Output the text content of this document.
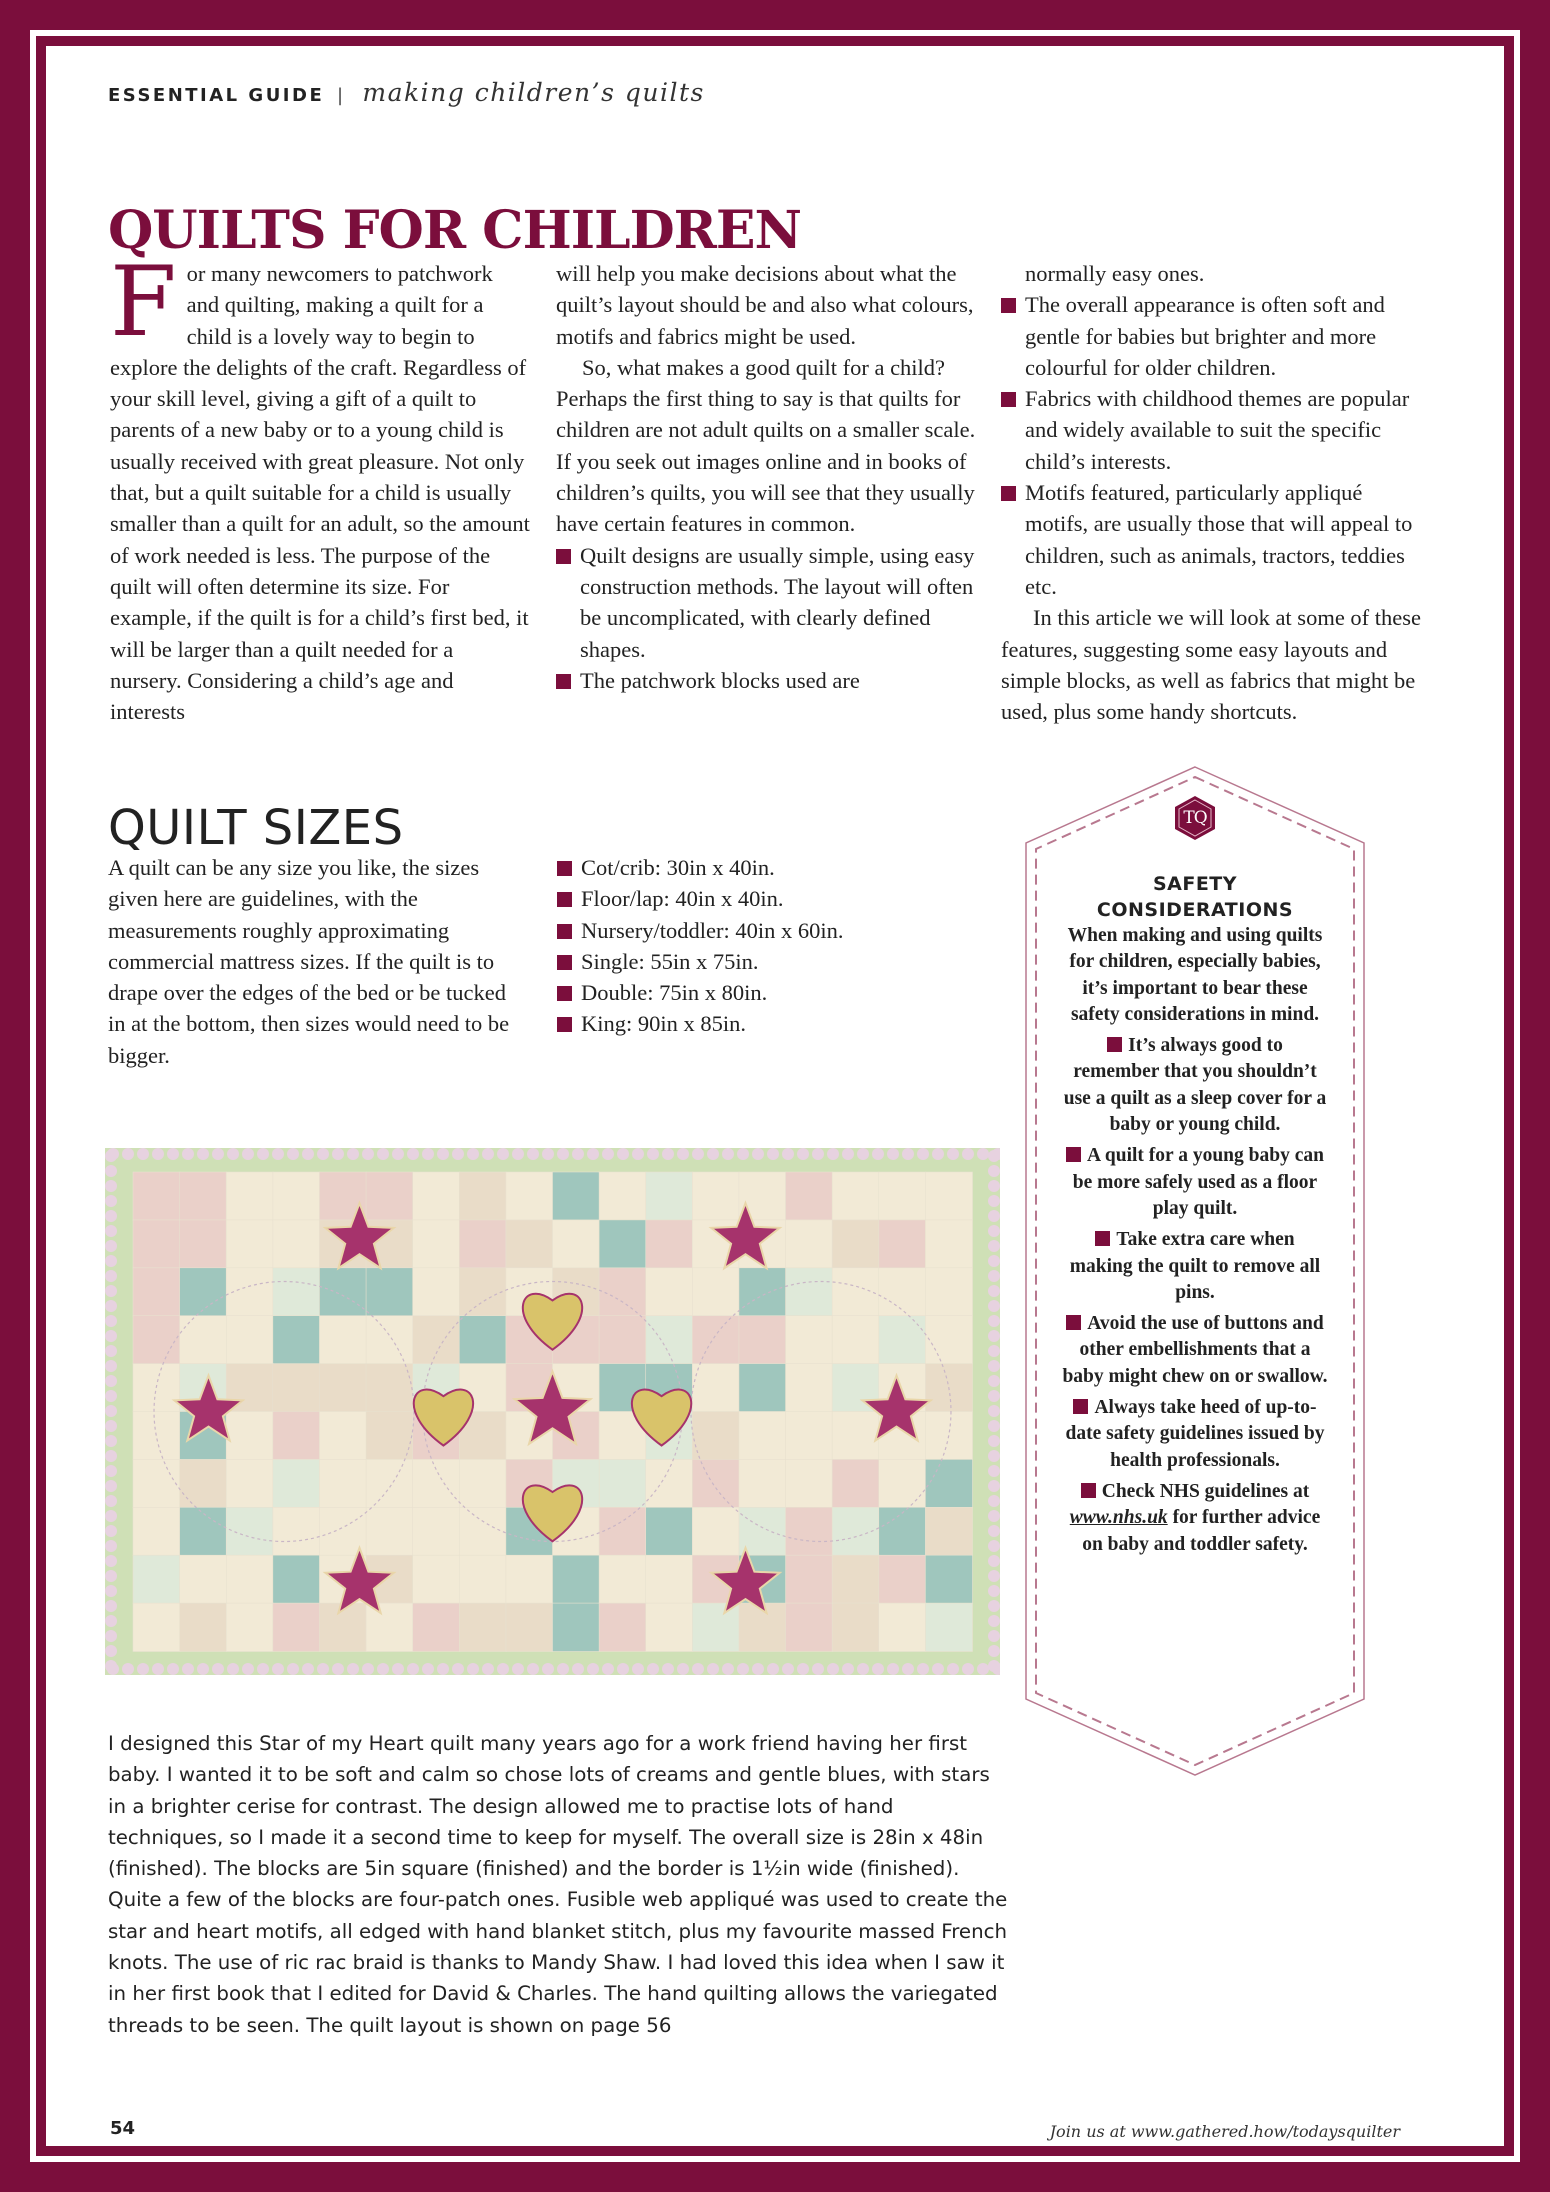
ESSENTIAL GUIDE | making children’s quilts
QUILTS FOR CHILDREN

For many newcomers to patchwork and quilting, making a quilt for a child is a lovely way to begin to explore the delights of the craft. Regardless of your skill level, giving a gift of a quilt to parents of a new baby or to a young child is usually received with great pleasure. Not only that, but a quilt suitable for a child is usually smaller than a quilt for an adult, so the amount of work needed is less. The purpose of the quilt will often determine its size. For example, if the quilt is for a child’s first bed, it will be larger than a quilt needed for a nursery. Considering a child’s age and interests

will help you make decisions about what the quilt’s layout should be and also what colours, motifs and fabrics might be used.

So, what makes a good quilt for a child? Perhaps the first thing to say is that quilts for children are not adult quilts on a smaller scale. If you seek out images online and in books of children’s quilts, you will see that they usually have certain features in common.

Quilt designs are usually simple, using easy construction methods. The layout will often be uncomplicated, with clearly defined shapes.

The patchwork blocks used are

normally easy ones.

The overall appearance is often soft and gentle for babies but brighter and more colourful for older children.

Fabrics with childhood themes are popular and widely available to suit the specific child’s interests.

Motifs featured, particularly appliqué motifs, are usually those that will appeal to children, such as animals, tractors, teddies etc.

In this article we will look at some of these features, suggesting some easy layouts and simple blocks, as well as fabrics that might be used, plus some handy shortcuts.

QUILT SIZES

A quilt can be any size you like, the sizes given here are guidelines, with the measurements roughly approximating commercial mattress sizes. If the quilt is to drape over the edges of the bed or be tucked in at the bottom, then sizes would need to be bigger.

Cot/crib: 30in x 40in.
Floor/lap: 40in x 40in.
Nursery/toddler: 40in x 60in.
Single: 55in x 75in.
Double: 75in x 80in.
King: 90in x 85in.
TQ
SAFETY CONSIDERATIONS

When making and using quilts for children, especially babies, it’s important to bear these safety considerations in mind.

It’s always good to remember that you shouldn’t use a quilt as a sleep cover for a baby or young child.

A quilt for a young baby can be more safely used as a floor play quilt.

Take extra care when making the quilt to remove all pins.

Avoid the use of buttons and other embellishments that a baby might chew on or swallow.

Always take heed of up-to-date safety guidelines issued by health professionals.

Check NHS guidelines at www.nhs.uk for further advice on baby and toddler safety.

I designed this Star of my Heart quilt many years ago for a work friend having her first baby. I wanted it to be soft and calm so chose lots of creams and gentle blues, with stars in a brighter cerise for contrast. The design allowed me to practise lots of hand techniques, so I made it a second time to keep for myself. The overall size is 28in x 48in (finished). The blocks are 5in square (finished) and the border is 1½in wide (finished). Quite a few of the blocks are four-patch ones. Fusible web appliqué was used to create the star and heart motifs, all edged with hand blanket stitch, plus my favourite massed French knots. The use of ric rac braid is thanks to Mandy Shaw. I had loved this idea when I saw it in her first book that I edited for David & Charles. The hand quilting allows the variegated threads to be seen. The quilt layout is shown on page 56
54	Join us at www.gathered.how/todaysquilter
